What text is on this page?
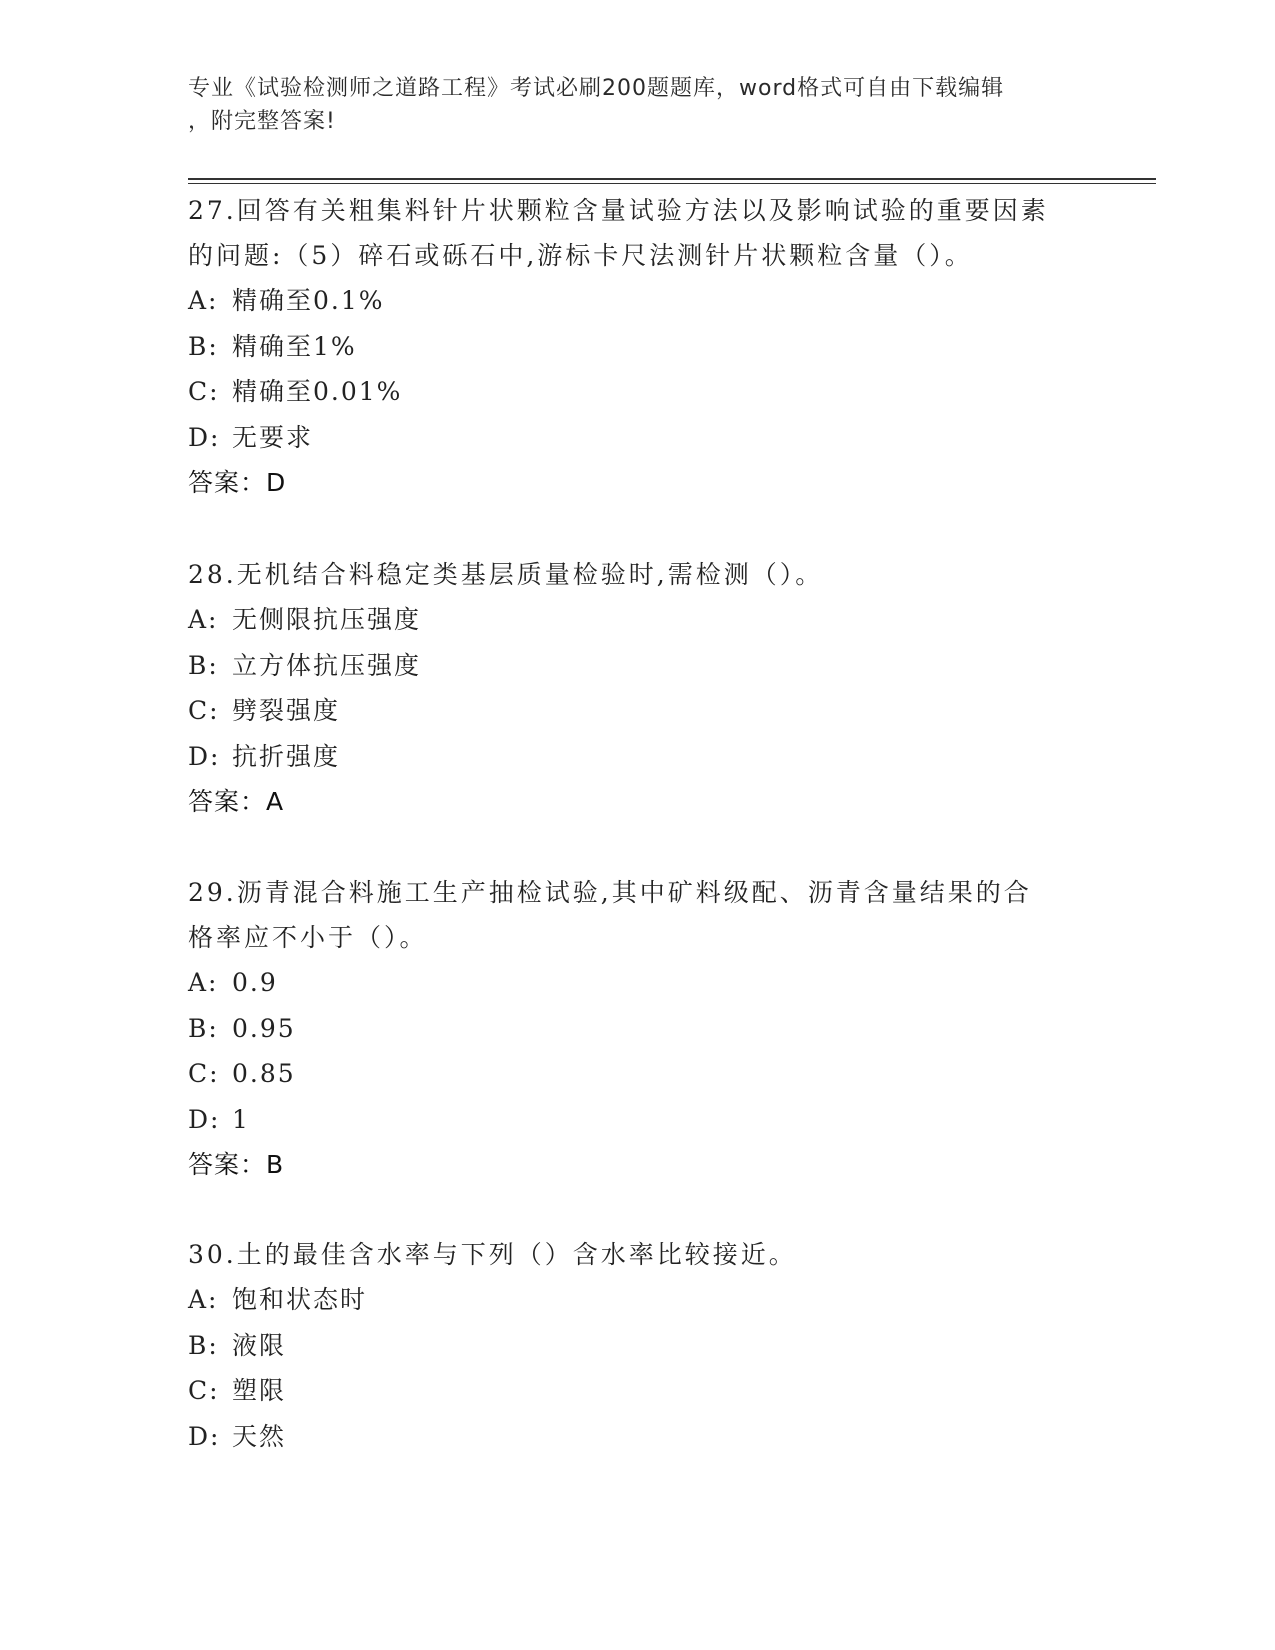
专业《试验检测师之道路工程》考试必刷200题题库，word格式可自由下载编辑
，附完整答案!
27.回答有关粗集料针片状颗粒含量试验方法以及影响试验的重要因素
的问题:（5）碎石或砾石中,游标卡尺法测针片状颗粒含量（）。
A: 精确至0.1%
B: 精确至1%
C: 精确至0.01%
D: 无要求
答案：D
28.无机结合料稳定类基层质量检验时,需检测（）。
A: 无侧限抗压强度
B: 立方体抗压强度
C: 劈裂强度
D: 抗折强度
答案：A
29.沥青混合料施工生产抽检试验,其中矿料级配、沥青含量结果的合
格率应不小于（）。
A: 0.9
B: 0.95
C: 0.85
D: 1
答案：B
30.土的最佳含水率与下列（）含水率比较接近。
A: 饱和状态时
B: 液限
C: 塑限
D: 天然
